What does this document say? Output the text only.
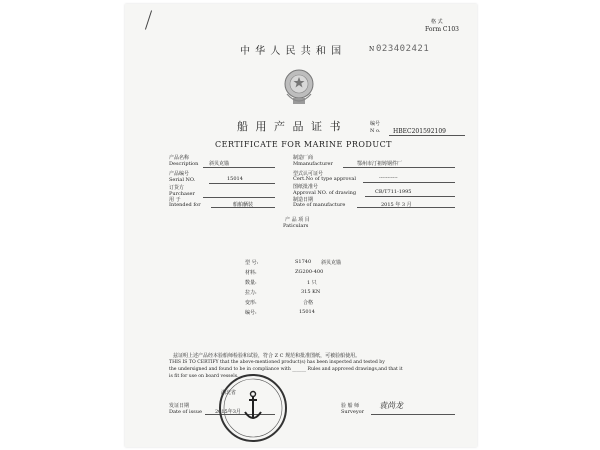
格 式
Form C103
中 华 人 民 共 和 国	N 023402421
编号
N o. HBEC201592109
船 用 产 品 证 书
CERTIFICATE FOR MARINE PRODUCT
产品名称
Description 斜贝克锚
产品编号
Serial NO.	15014
订货方
Purchaser
用 于
Intended for	船舶舾装
制造厂商
Mmanufacturer	鄂州市汀祖铸钢件厂
型式认可证号
Cert.No of type approval	-----------
图纸批准号
Approval NO. of drawing	CB/T711-1995
制造日期
Date of manufacture	2015 年 3 月
产 品 项 目
Paticulars
型 号:	S1740 斜贝克锚
材料:	ZG200-400
数量:	1 只
拉力:	315 KN
变形:	合格
编号:	15014
兹证明上述产品经本验船师检验和试验，符合 Z C 规范和批准图纸，可被验船使用。
THIS IS TO CERTIFY that the above-mentioned product(s) has been inspected and tested by
the undersigned and found to be in compliance with ______ Rules and approved drawings,and that it
is fit for use on board vessels.
湖北省
发证日期
Date of issue	2015年3月
验 船 师
Surveyor
袁尚龙
